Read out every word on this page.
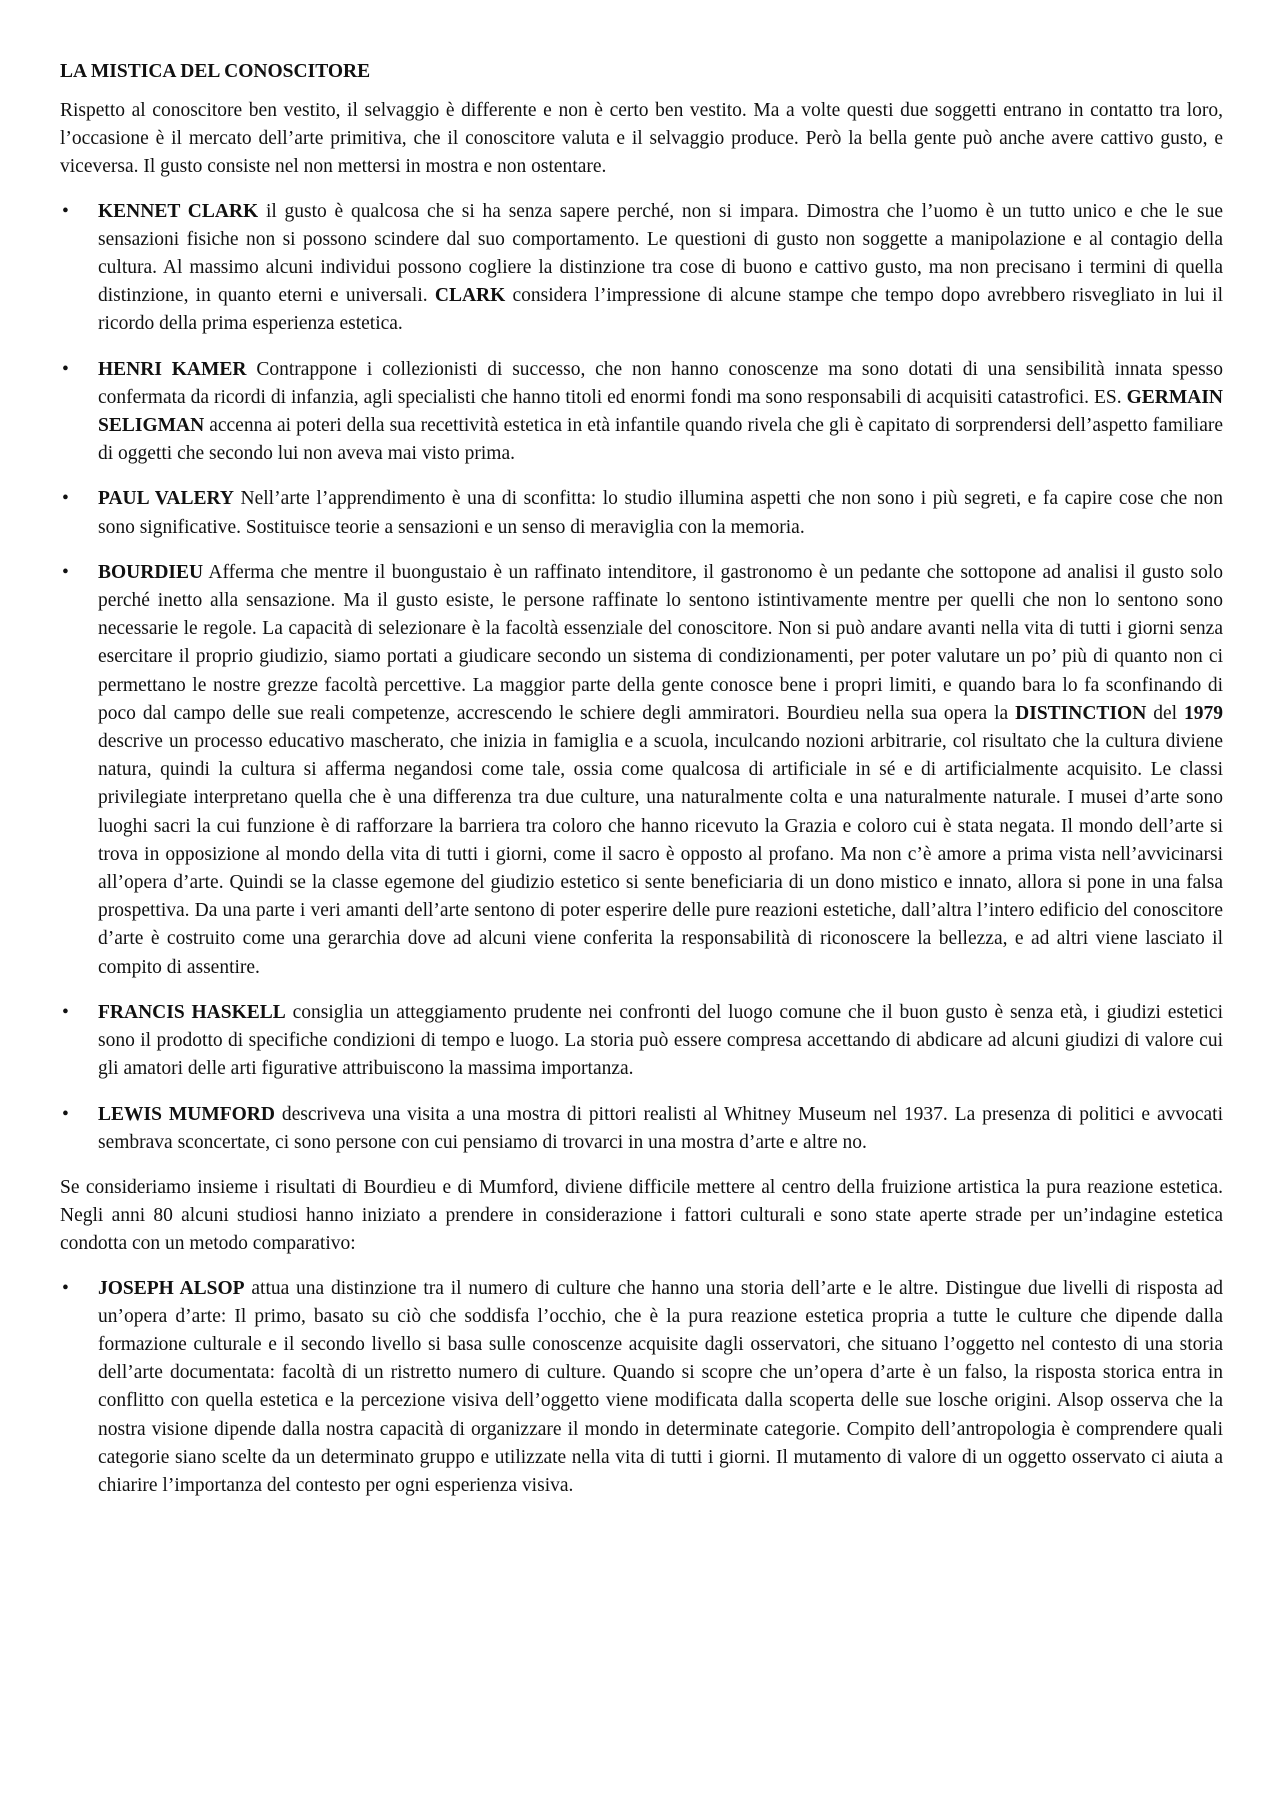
LA MISTICA DEL CONOSCITORE

Rispetto al conoscitore ben vestito, il selvaggio è differente e non è certo ben vestito. Ma a volte questi due soggetti entrano in contatto tra loro, l’occasione è il mercato dell’arte primitiva, che il conoscitore valuta e il selvaggio produce. Però la bella gente può anche avere cattivo gusto, e viceversa. Il gusto consiste nel non mettersi in mostra e non ostentare.

•	KENNET CLARK il gusto è qualcosa che si ha senza sapere perché, non si impara. Dimostra che l’uomo è un tutto unico e che le sue sensazioni fisiche non si possono scindere dal suo comportamento. Le questioni di gusto non soggette a manipolazione e al contagio della cultura. Al massimo alcuni individui possono cogliere la distinzione tra cose di buono e cattivo gusto, ma non precisano i termini di quella distinzione, in quanto eterni e universali. CLARK considera l’impressione di alcune stampe che tempo dopo avrebbero risvegliato in lui il ricordo della prima esperienza estetica.
•	HENRI KAMER Contrappone i collezionisti di successo, che non hanno conoscenze ma sono dotati di una sensibilità innata spesso confermata da ricordi di infanzia, agli specialisti che hanno titoli ed enormi fondi ma sono responsabili di acquisiti catastrofici. ES. GERMAIN SELIGMAN accenna ai poteri della sua recettività estetica in età infantile quando rivela che gli è capitato di sorprendersi dell’aspetto familiare di oggetti che secondo lui non aveva mai visto prima.
•	PAUL VALERY Nell’arte l’apprendimento è una di sconfitta: lo studio illumina aspetti che non sono i più segreti, e fa capire cose che non sono significative. Sostituisce teorie a sensazioni e un senso di meraviglia con la memoria.
•	BOURDIEU Afferma che mentre il buongustaio è un raffinato intenditore, il gastronomo è un pedante che sottopone ad analisi il gusto solo perché inetto alla sensazione. Ma il gusto esiste, le persone raffinate lo sentono istintivamente mentre per quelli che non lo sentono sono necessarie le regole. La capacità di selezionare è la facoltà essenziale del conoscitore. Non si può andare avanti nella vita di tutti i giorni senza esercitare il proprio giudizio, siamo portati a giudicare secondo un sistema di condizionamenti, per poter valutare un po’ più di quanto non ci permettano le nostre grezze facoltà percettive. La maggior parte della gente conosce bene i propri limiti, e quando bara lo fa sconfinando di poco dal campo delle sue reali competenze, accrescendo le schiere degli ammiratori. Bourdieu nella sua opera la DISTINCTION del 1979 descrive un processo educativo mascherato, che inizia in famiglia e a scuola, inculcando nozioni arbitrarie, col risultato che la cultura diviene natura, quindi la cultura si afferma negandosi come tale, ossia come qualcosa di artificiale in sé e di artificialmente acquisito. Le classi privilegiate interpretano quella che è una differenza tra due culture, una naturalmente colta e una naturalmente naturale. I musei d’arte sono luoghi sacri la cui funzione è di rafforzare la barriera tra coloro che hanno ricevuto la Grazia e coloro cui è stata negata. Il mondo dell’arte si trova in opposizione al mondo della vita di tutti i giorni, come il sacro è opposto al profano. Ma non c’è amore a prima vista nell’avvicinarsi all’opera d’arte. Quindi se la classe egemone del giudizio estetico si sente beneficiaria di un dono mistico e innato, allora si pone in una falsa prospettiva. Da una parte i veri amanti dell’arte sentono di poter esperire delle pure reazioni estetiche, dall’altra l’intero edificio del conoscitore d’arte è costruito come una gerarchia dove ad alcuni viene conferita la responsabilità di riconoscere la bellezza, e ad altri viene lasciato il compito di assentire.
•	FRANCIS HASKELL consiglia un atteggiamento prudente nei confronti del luogo comune che il buon gusto è senza età, i giudizi estetici sono il prodotto di specifiche condizioni di tempo e luogo. La storia può essere compresa accettando di abdicare ad alcuni giudizi di valore cui gli amatori delle arti figurative attribuiscono la massima importanza.
•	LEWIS MUMFORD descriveva una visita a una mostra di pittori realisti al Whitney Museum nel 1937. La presenza di politici e avvocati sembrava sconcertate, ci sono persone con cui pensiamo di trovarci in una mostra d’arte e altre no.

Se consideriamo insieme i risultati di Bourdieu e di Mumford, diviene difficile mettere al centro della fruizione artistica la pura reazione estetica. Negli anni 80 alcuni studiosi hanno iniziato a prendere in considerazione i fattori culturali e sono state aperte strade per un’indagine estetica condotta con un metodo comparativo:

•	JOSEPH ALSOP attua una distinzione tra il numero di culture che hanno una storia dell’arte e le altre. Distingue due livelli di risposta ad un’opera d’arte: Il primo, basato su ciò che soddisfa l’occhio, che è la pura reazione estetica propria a tutte le culture che dipende dalla formazione culturale e il secondo livello si basa sulle conoscenze acquisite dagli osservatori, che situano l’oggetto nel contesto di una storia dell’arte documentata: facoltà di un ristretto numero di culture. Quando si scopre che un’opera d’arte è un falso, la risposta storica entra in conflitto con quella estetica e la percezione visiva dell’oggetto viene modificata dalla scoperta delle sue losche origini. Alsop osserva che la nostra visione dipende dalla nostra capacità di organizzare il mondo in determinate categorie. Compito dell’antropologia è comprendere quali categorie siano scelte da un determinato gruppo e utilizzate nella vita di tutti i giorni. Il mutamento di valore di un oggetto osservato ci aiuta a chiarire l’importanza del contesto per ogni esperienza visiva.
